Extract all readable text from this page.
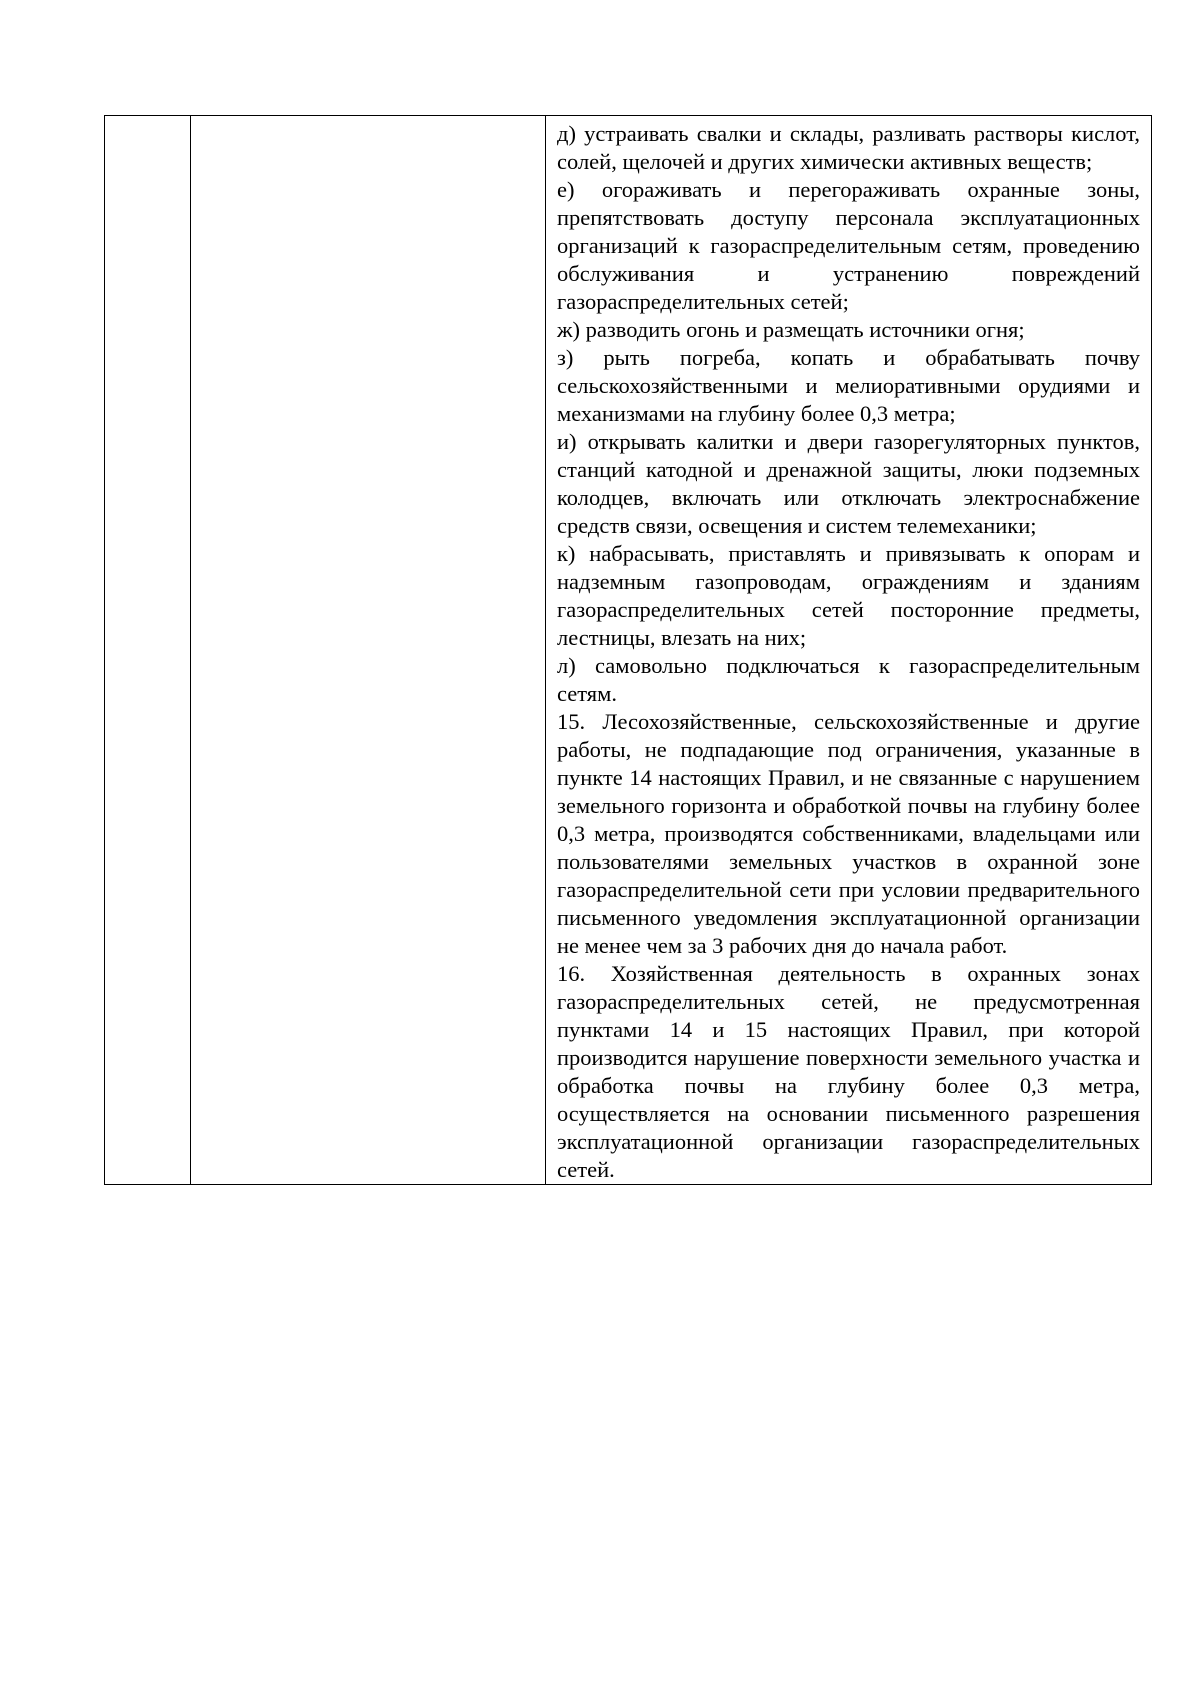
д) устраивать свалки и склады, разливать растворы кислот, солей, щелочей и других химически активных веществ;

е) огораживать и перегораживать охранные зоны, препятствовать доступу персонала эксплуатационных организаций к газораспределительным сетям, проведению обслуживания и устранению повреждений газораспределительных сетей;

ж) разводить огонь и размещать источники огня;

з) рыть погреба, копать и обрабатывать почву сельскохозяйственными и мелиоративными орудиями и механизмами на глубину более 0,3 метра;

и) открывать калитки и двери газорегуляторных пунктов, станций катодной и дренажной защиты, люки подземных колодцев, включать или отключать электроснабжение средств связи, освещения и систем телемеханики;

к) набрасывать, приставлять и привязывать к опорам и надземным газопроводам, ограждениям и зданиям газораспределительных сетей посторонние предметы, лестницы, влезать на них;

л) самовольно подключаться к газораспределительным сетям.

15. Лесохозяйственные, сельскохозяйственные и другие работы, не подпадающие под ограничения, указанные в пункте 14 настоящих Правил, и не связанные с нарушением земельного горизонта и обработкой почвы на глубину более 0,3 метра, производятся собственниками, владельцами или пользователями земельных участков в охранной зоне газораспределительной сети при условии предварительного письменного уведомления эксплуатационной организации не менее чем за 3 рабочих дня до начала работ.

16. Хозяйственная деятельность в охранных зонах газораспределительных сетей, не предусмотренная пунктами 14 и 15 настоящих Правил, при которой производится нарушение поверхности земельного участка и обработка почвы на глубину более 0,3 метра, осуществляется на основании письменного разрешения эксплуатационной организации газораспределительных сетей.
